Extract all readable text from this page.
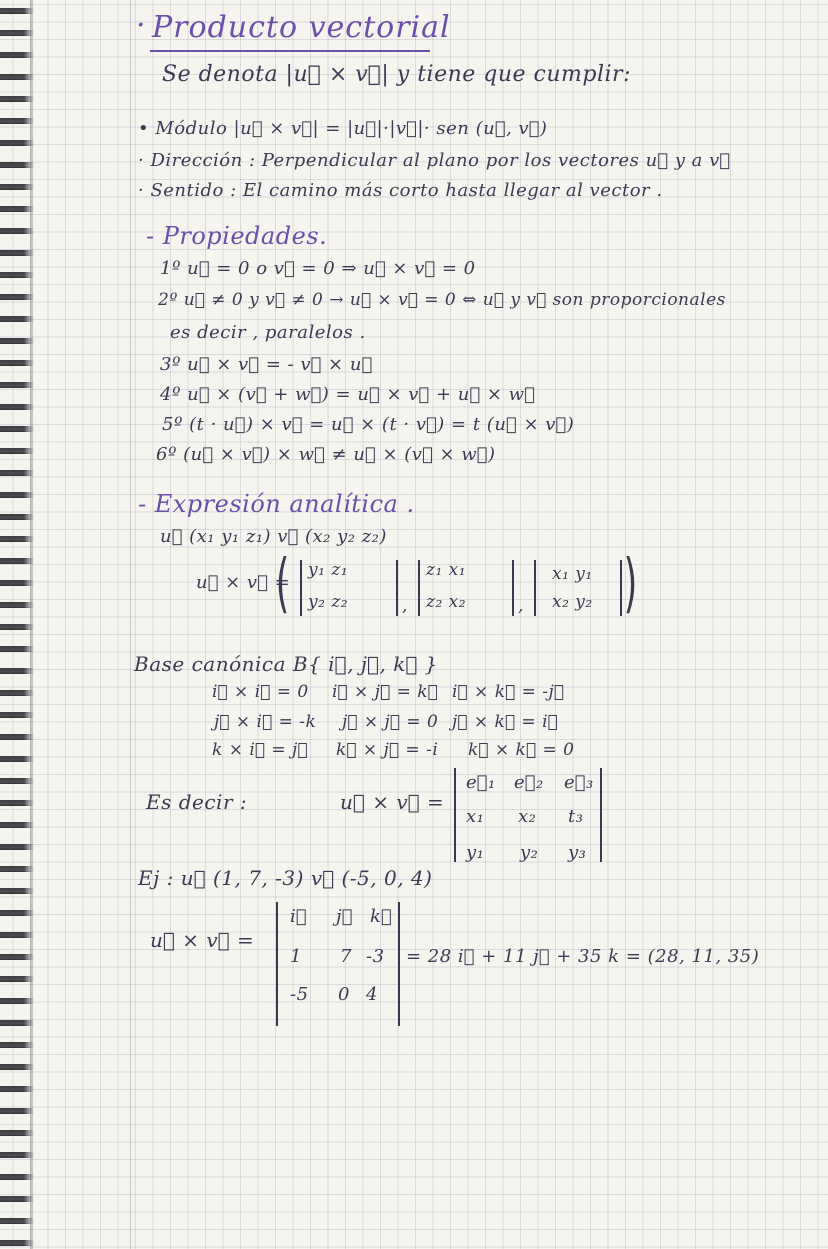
· Producto vectorial
Se denota |u⃗ × v⃗| y tiene que cumplir:
• Módulo |u⃗ × v⃗| = |u⃗|·|v⃗|· sen (u⃗, v⃗)
· Dirección : Perpendicular al plano por los vectores u⃗ y a v⃗
· Sentido : El camino más corto hasta llegar al vector .
- Propiedades.
1º u⃗ = 0 o v⃗ = 0 ⇒ u⃗ × v⃗ = 0
2º u⃗ ≠ 0 y v⃗ ≠ 0 → u⃗ × v⃗ = 0 ⇔ u⃗ y v⃗ son proporcionales
es decir , paralelos .
3º u⃗ × v⃗ = - v⃗ × u⃗
4º u⃗ × (v⃗ + w⃗) = u⃗ × v⃗ + u⃗ × w⃗
5º (t · u⃗) × v⃗ = u⃗ × (t · v⃗) = t (u⃗ × v⃗)
6º (u⃗ × v⃗) × w⃗ ≠ u⃗ × (v⃗ × w⃗)
- Expresión analítica .
u⃗ (x₁ y₁ z₁) v⃗ (x₂ y₂ z₂)
u⃗ × v⃗ =
( y₁ z₁
y₂ z₂	,
z₁ x₁
z₂ x₂	,
x₁ y₁
x₂ y₂ )
Base canónica B{ i⃗, j⃗, k⃗ }
i⃗ × i⃗ = 0 i⃗ × j⃗ = k⃗ i⃗ × k⃗ = -j⃗
j⃗ × i⃗ = -k j⃗ × j⃗ = 0 j⃗ × k⃗ = i⃗
k × i⃗ = j⃗ k⃗ × j⃗ = -i k⃗ × k⃗ = 0
Es decir :	u⃗ × v⃗ =
e⃗₁ e⃗₂ e⃗₃
x₁ x₂ t₃
y₁ y₂ y₃
Ej : u⃗ (1, 7, -3) v⃗ (-5, 0, 4)
u⃗ × v⃗ =
i⃗ j⃗ k⃗
1 7 -3
-5 0 4
= 28 i⃗ + 11 j⃗ + 35 k = (28, 11, 35)
